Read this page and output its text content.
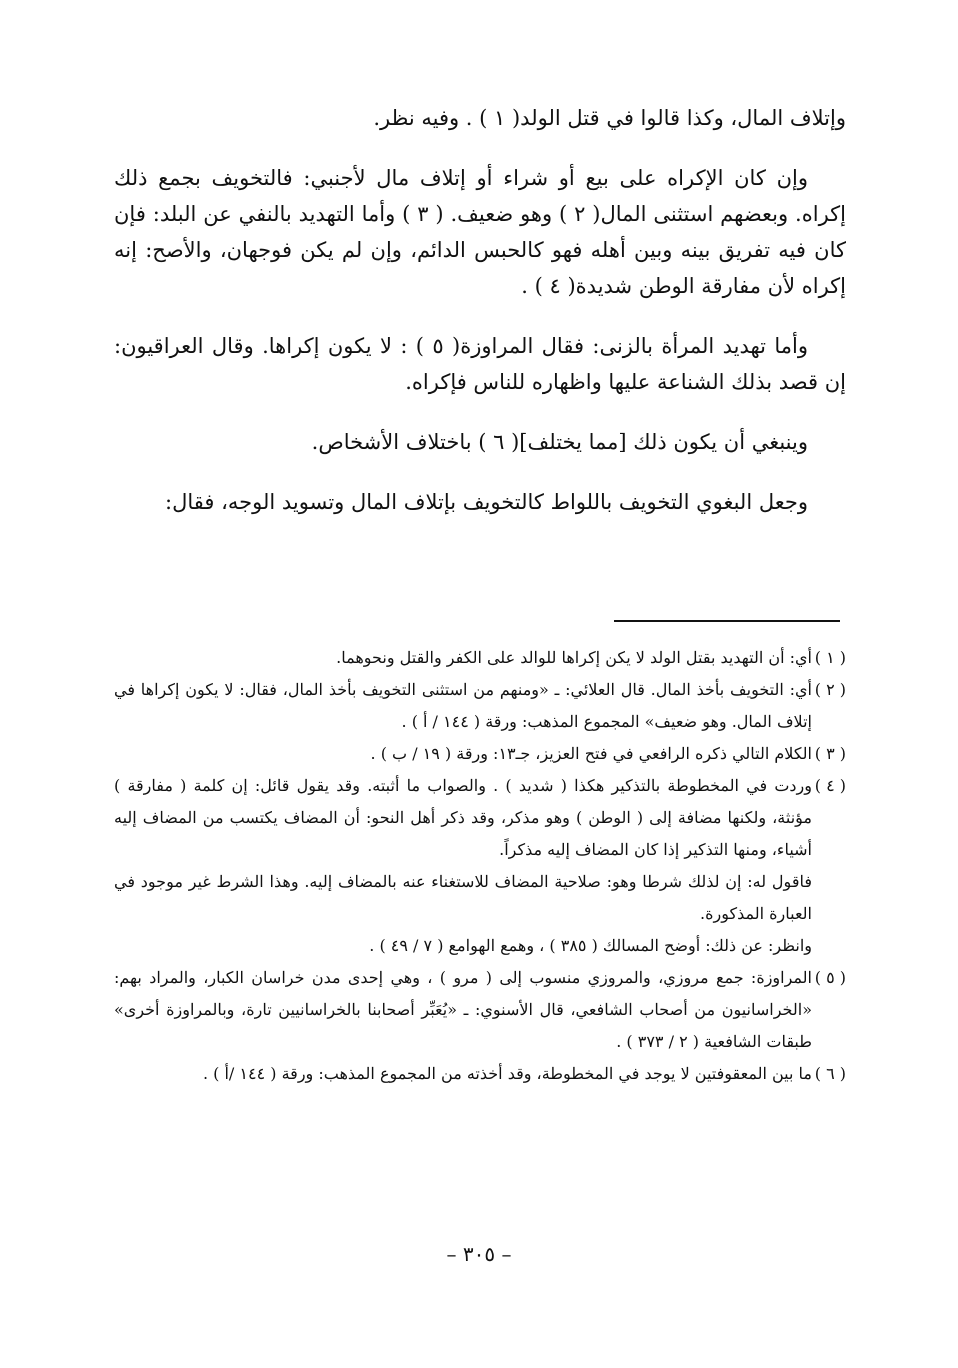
وإتلاف المال، وكذا قالوا في قتل الولد( ١ ) . وفيه نظر.

وإن كان الإكراه على بيع أو شراء أو إتلاف مال لأجنبي: فالتخويف بجمع ذلك إكراه. وبعضهم استثنى المال( ٢ ) وهو ضعيف. ( ٣ ) وأما التهديد بالنفي عن البلد: فإن كان فيه تفريق بينه وبين أهله فهو كالحبس الدائم، وإن لم يكن فوجهان، والأصح: إنه إكراه لأن مفارقة الوطن شديدة( ٤ ) .

وأما تهديد المرأة بالزنى: فقال المراوزة( ٥ ) : لا يكون إكراها. وقال العراقيون: إن قصد بذلك الشناعة عليها واظهاره للناس فإكراه.

وينبغي أن يكون ذلك [مما يختلف]( ٦ ) باختلاف الأشخاص.

وجعل البغوي التخويف باللواط كالتخويف بإتلاف المال وتسويد الوجه، فقال:

( ١ )

أي: أن التهديد بقتل الولد لا يكن إكراها للوالد على الكفر والقتل ونحوهما.

( ٢ )

أي: التخويف بأخذ المال. قال العلائي: ـ «ومنهم من استثنى التخويف بأخذ المال، فقال: لا يكون إكراها في إتلاف المال. وهو ضعيف» المجموع المذهب: ورقة ( ١٤٤ / أ ) .

( ٣ )

الكلام التالي ذكره الرافعي في فتح العزيز، جـ١٣: ورقة ( ١٩ / ب ) .

( ٤ )

وردت في المخطوطة بالتذكير هكذا ( شديد ) . والصواب ما أثبته. وقد يقول قائل: إن كلمة ( مفارقة ) مؤنثة، ولكنها مضافة إلى ( الوطن ) وهو مذكر، وقد ذكر أهل النحو: أن المضاف يكتسب من المضاف إليه أشياء، ومنها التذكير إذا كان المضاف إليه مذكراً.

فاقول له: إن لذلك شرطا وهو: صلاحية المضاف للاستغناء عنه بالمضاف إليه. وهذا الشرط غير موجود في العبارة المذكورة.

وانظر: عن ذلك: أوضح المسالك ( ٣٨٥ ) ، وهمع الهوامع ( ٧ / ٤٩ ) .

( ٥ )

المراوزة: جمع مروزي، والمروزي منسوب إلى ( مرو ) ، وهي إحدى مدن خراسان الكبار، والمراد بهم: «الخراسانيون من أصحاب الشافعي، قال الأسنوي: ـ «يُعَبِّر أصحابنا بالخراسانيين تارة، وبالمراوزة أخرى» طبقات الشافعية ( ٢ / ٣٧٣ ) .

( ٦ )

ما بين المعقوفتين لا يوجد في المخطوطة، وقد أخذته من المجموع المذهب: ورقة ( ١٤٤ /أ ) .

– ٣٠٥ –
